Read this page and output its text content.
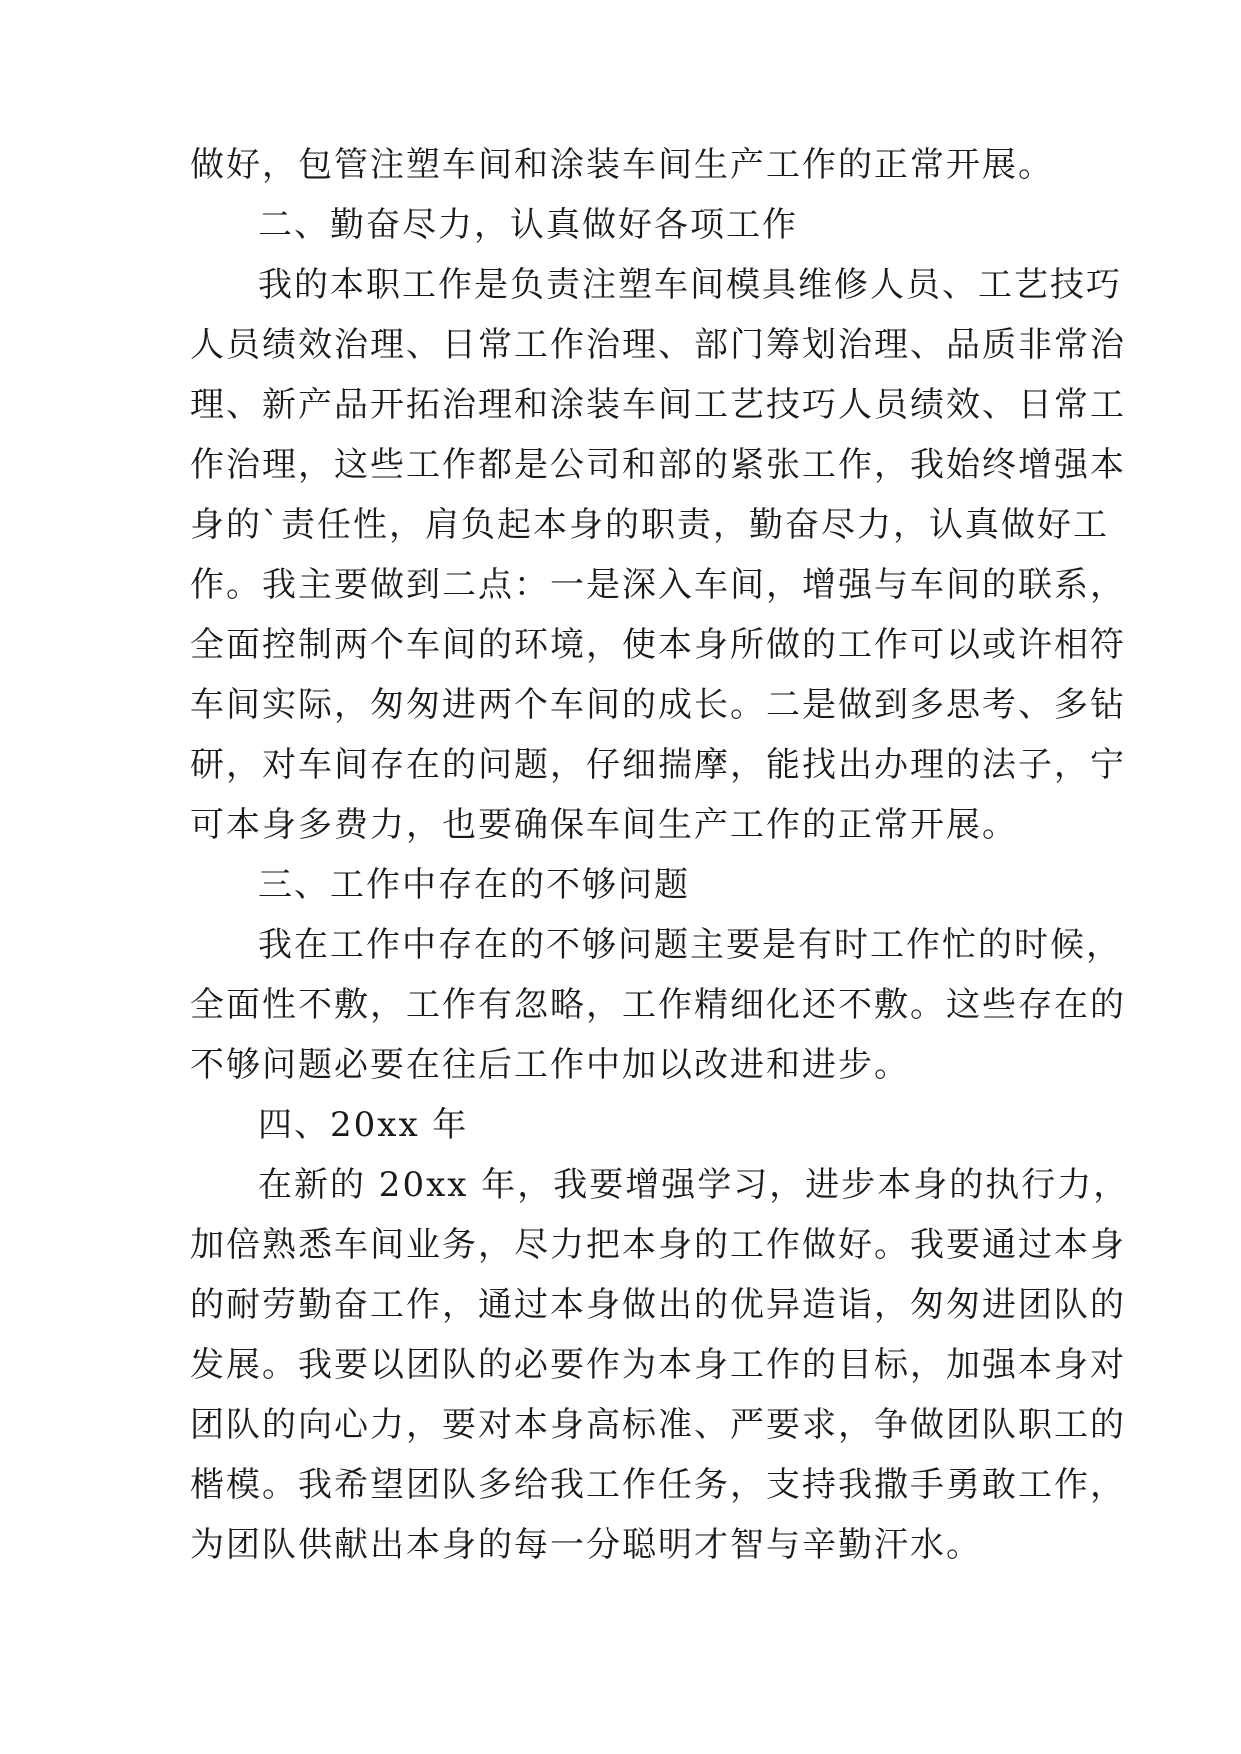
做好，包管注塑车间和涂装车间生产工作的正常开展。
二、勤奋尽力，认真做好各项工作
我的本职工作是负责注塑车间模具维修人员、工艺技巧
人员绩效治理、日常工作治理、部门筹划治理、品质非常治
理、新产品开拓治理和涂装车间工艺技巧人员绩效、日常工
作治理，这些工作都是公司和部的紧张工作，我始终增强本
身的`责任性，肩负起本身的职责，勤奋尽力，认真做好工
作。我主要做到二点：一是深入车间，增强与车间的联系，
全面控制两个车间的环境，使本身所做的工作可以或许相符
车间实际，匆匆进两个车间的成长。二是做到多思考、多钻
研，对车间存在的问题，仔细揣摩，能找出办理的法子，宁
可本身多费力，也要确保车间生产工作的正常开展。
三、工作中存在的不够问题
我在工作中存在的不够问题主要是有时工作忙的时候，
全面性不敷，工作有忽略，工作精细化还不敷。这些存在的
不够问题必要在往后工作中加以改进和进步。
四、20xx 年
在新的 20xx 年，我要增强学习，进步本身的执行力，
加倍熟悉车间业务，尽力把本身的工作做好。我要通过本身
的耐劳勤奋工作，通过本身做出的优异造诣，匆匆进团队的
发展。我要以团队的必要作为本身工作的目标，加强本身对
团队的向心力，要对本身高标准、严要求，争做团队职工的
楷模。我希望团队多给我工作任务，支持我撒手勇敢工作，
为团队供献出本身的每一分聪明才智与辛勤汗水。
